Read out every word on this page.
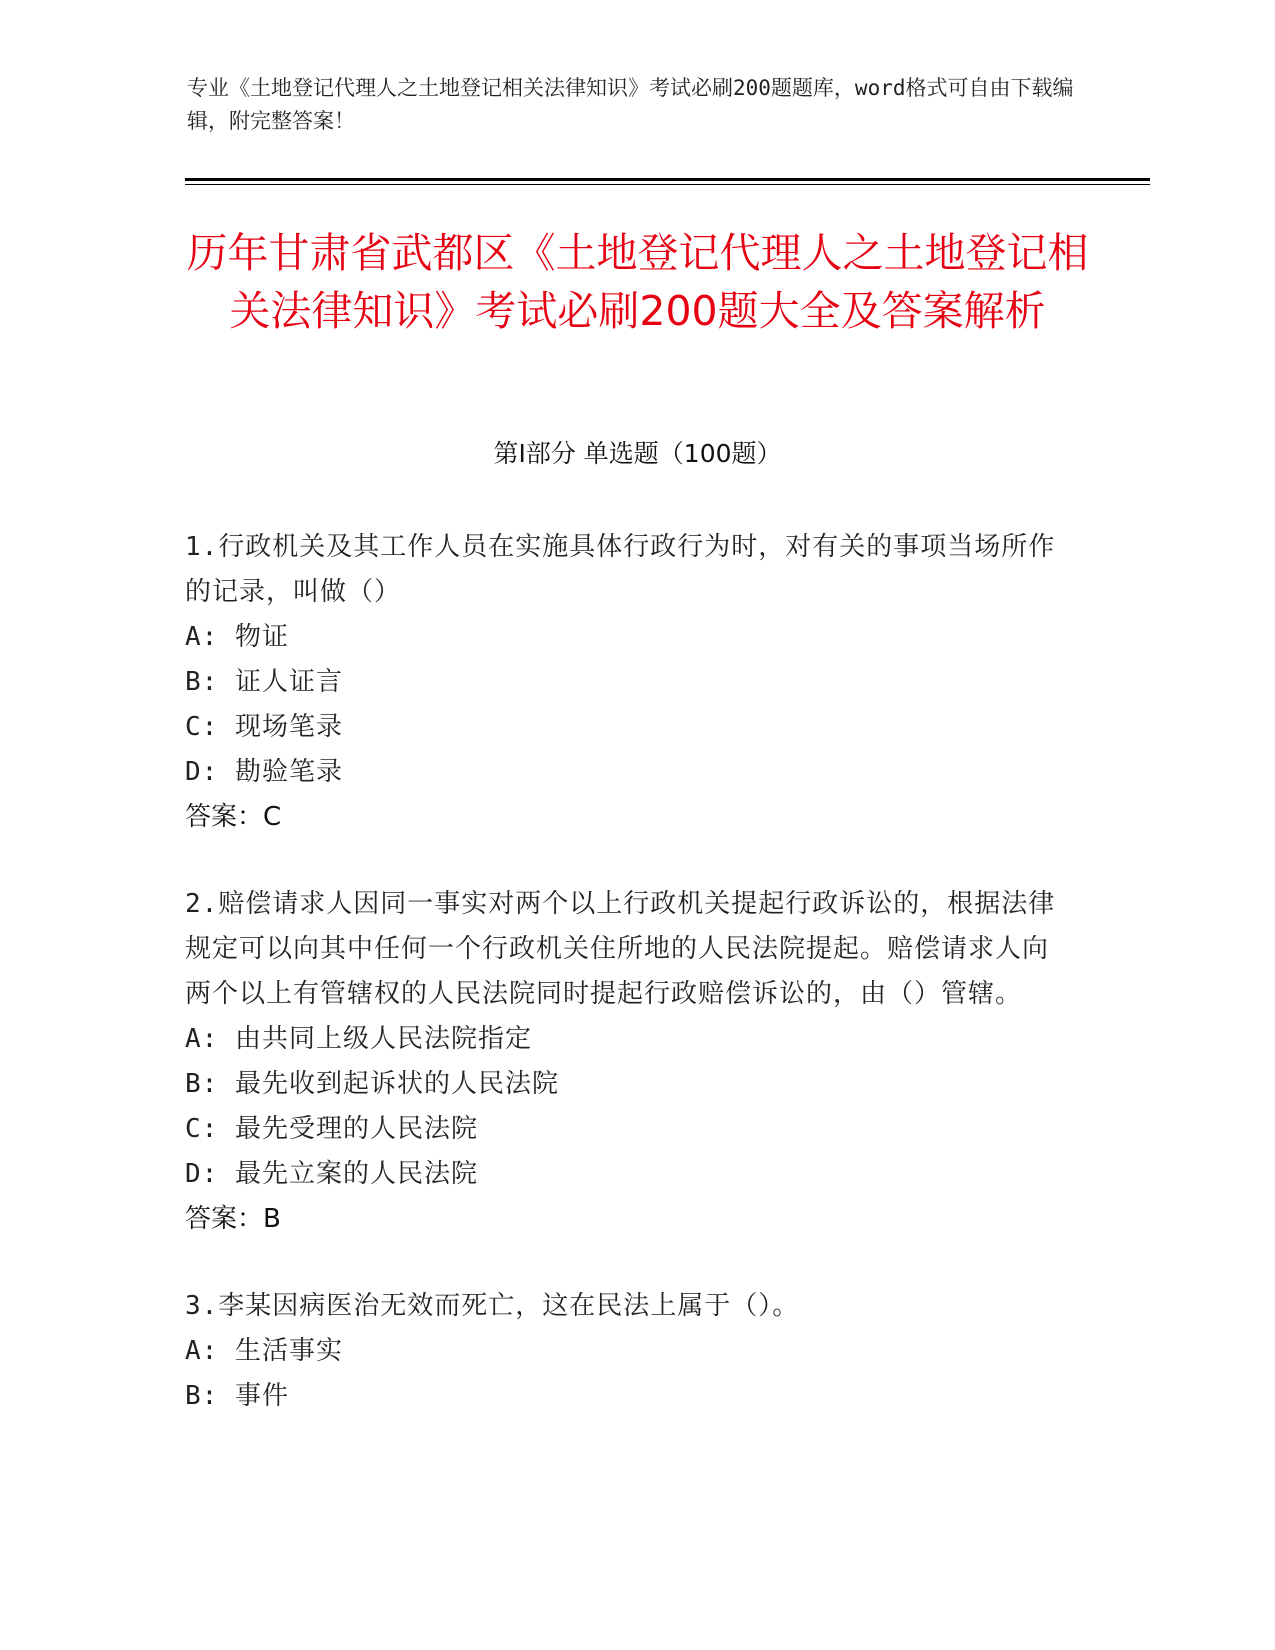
专业《土地登记代理人之土地登记相关法律知识》考试必刷200题题库，word格式可自由下载编辑，附完整答案！
历年甘肃省武都区《土地登记代理人之土地登记相关法律知识》考试必刷200题大全及答案解析
第Ⅰ部分 单选题（100题）

1.行政机关及其工作人员在实施具体行政行为时，对有关的事项当场所作的记录，叫做（）

A: 物证

B: 证人证言

C: 现场笔录

D: 勘验笔录

答案：C

2.赔偿请求人因同一事实对两个以上行政机关提起行政诉讼的，根据法律规定可以向其中任何一个行政机关住所地的人民法院提起。赔偿请求人向两个以上有管辖权的人民法院同时提起行政赔偿诉讼的，由（）管辖。

A: 由共同上级人民法院指定

B: 最先收到起诉状的人民法院

C: 最先受理的人民法院

D: 最先立案的人民法院

答案：B

3.李某因病医治无效而死亡，这在民法上属于（）。

A: 生活事实

B: 事件
